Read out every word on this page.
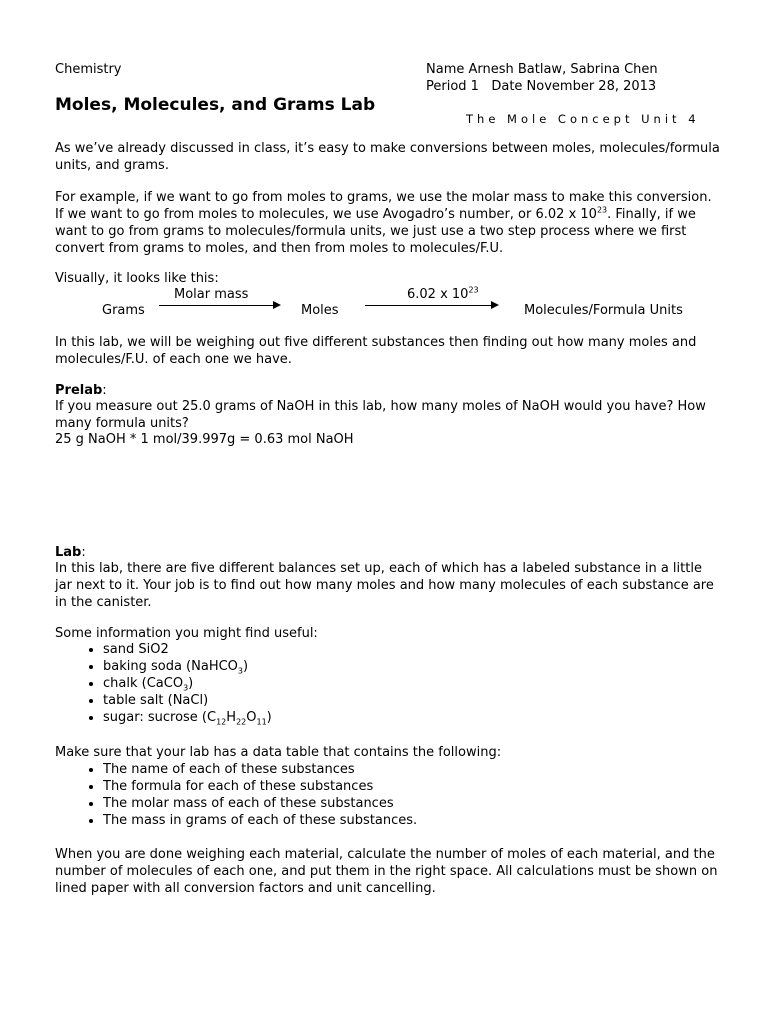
Chemistry	Name Arnesh Batlaw, Sabrina Chen
Period 1   Date November 28, 2013
Moles, Molecules, and Grams Lab
The Mole Concept Unit 4
As we’ve already discussed in class, it’s easy to make conversions between moles, molecules/formula units, and grams.
For example, if we want to go from moles to grams, we use the molar mass to make this conversion. If we want to go from moles to molecules, we use Avogadro’s number, or 6.02 x $10^{23}$. Finally, if we want to go from grams to molecules/formula units, we just use a two step process where we first convert from grams to moles, and then from moles to molecules/F.U.
Visually, it looks like this:
Molar mass
Grams	Moles
6.02 x $10^{23}$
Molecules/Formula Units
In this lab, we will be weighing out five different substances then finding out how many moles and molecules/F.U. of each one we have.
Prelab:
If you measure out 25.0 grams of NaOH in this lab, how many moles of NaOH would you have? How many formula units?
25 g NaOH * 1 mol/39.997g = 0.63 mol NaOH
Lab:
In this lab, there are five different balances set up, each of which has a labeled substance in a little jar next to it. Your job is to find out how many moles and how many molecules of each substance are in the canister.
Some information you might find useful:
• sand SiO2
• baking soda (NaHCO$_3$)
• chalk (CaCO$_3$)
• table salt (NaCl)
• sugar: sucrose $(C_{12}H_{22}O_{11})$
Make sure that your lab has a data table that contains the following:
• The name of each of these substances
• The formula for each of these substances
• The molar mass of each of these substances
• The mass in grams of each of these substances.
When you are done weighing each material, calculate the number of moles of each material, and the number of molecules of each one, and put them in the right space. All calculations must be shown on lined paper with all conversion factors and unit cancelling.
